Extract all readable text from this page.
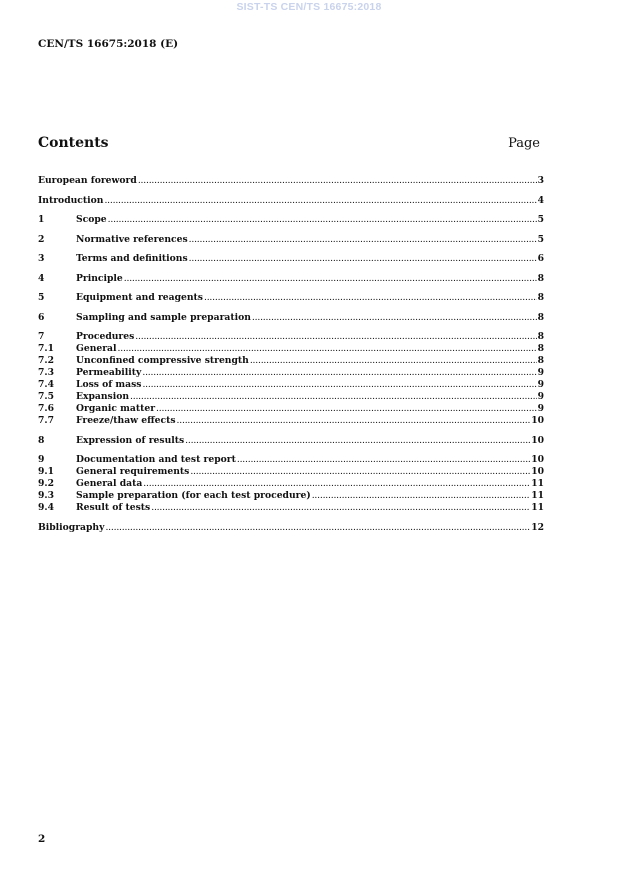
SIST-TS CEN/TS 16675:2018
CEN/TS 16675:2018 (E)
Contents	Page
European foreword .....	3
Introduction .....	4
1	Scope .....	5
2	Normative references .....	5
3	Terms and definitions .....	6
4	Principle .....	8
5	Equipment and reagents .....	8
6	Sampling and sample preparation .....	8
7	Procedures .....	8
7.1	General .....	8
7.2	Unconfined compressive strength .....	8
7.3	Permeability .....	9
7.4	Loss of mass .....	9
7.5	Expansion .....	9
7.6	Organic matter .....	9
7.7	Freeze/thaw effects .....	10
8	Expression of results .....	10
9	Documentation and test report .....	10
9.1	General requirements .....	10
9.2	General data .....	11
9.3	Sample preparation (for each test procedure) .....	11
9.4	Result of tests .....	11
Bibliography .....	12
2
